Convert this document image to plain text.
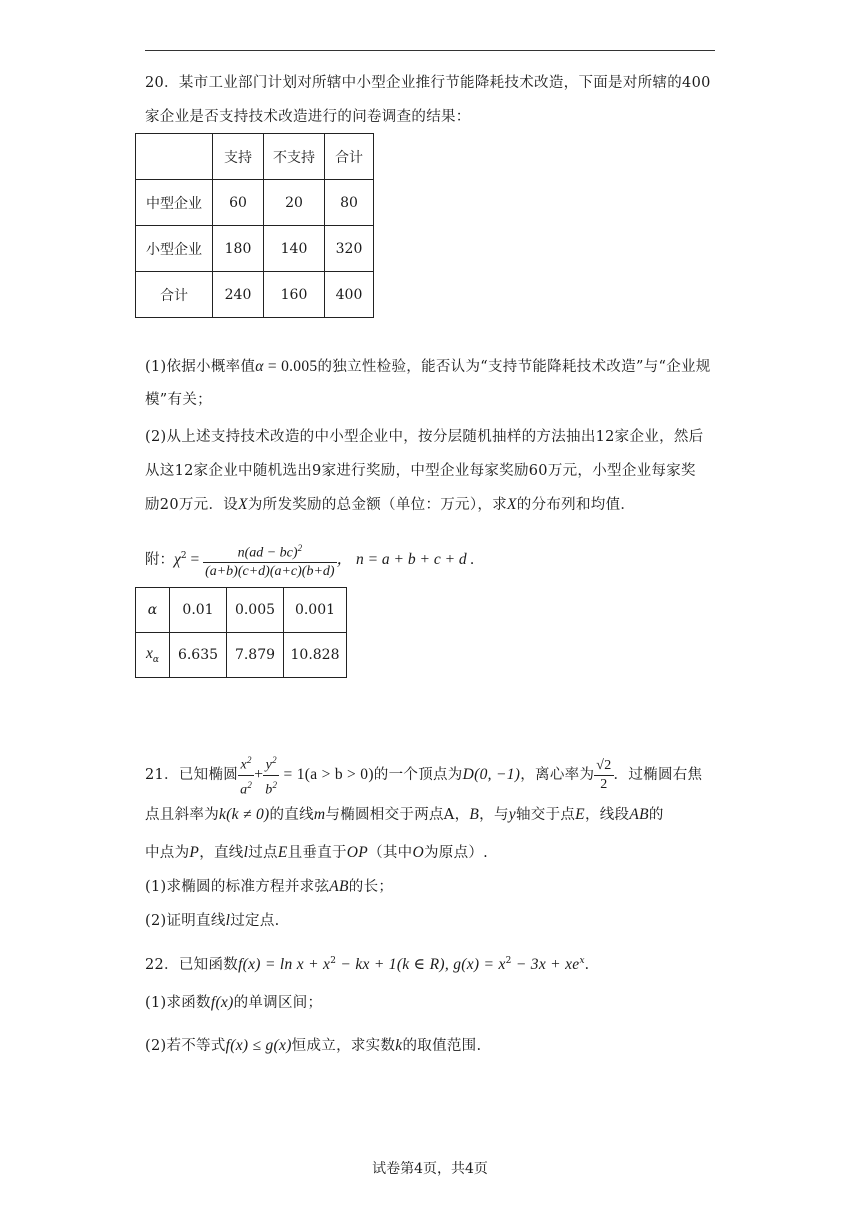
20．某市工业部门计划对所辖中小型企业推行节能降耗技术改造，下面是对所辖的400
家企业是否支持技术改造进行的问卷调查的结果：
	支持	不支持	合计
中型企业	60	20	80
小型企业	180	140	320
合计	240	160	400
(1)依据小概率值α = 0.005的独立性检验，能否认为“支持节能降耗技术改造”与“企业规
模”有关；
(2)从上述支持技术改造的中小型企业中，按分层随机抽样的方法抽出12家企业，然后
从这12家企业中随机选出9家进行奖励，中型企业每家奖励60万元，小型企业每家奖
励20万元．设X为所发奖励的总金额（单位：万元），求X的分布列和均值．
附：$\chi^2 = \frac{n(ad - bc)^2}{(a+b)(c+d)(a+c)(b+d)}$ ， n = a + b + c + d .
α	0.01	0.005	0.001
$x_\alpha$	6.635	7.879	10.828
21．已知椭圆 $\frac{x^2}{a^2} + \frac{y^2}{b^2} = 1(a > b > 0)$的一个顶点为D(0, −1)，离心率为 $\frac{√2}{2}$ ．过椭圆右焦
点且斜率为k(k ≠ 0)的直线m与椭圆相交于两点A，B，与y轴交于点E，线段AB的
中点为P，直线l过点E且垂直于OP（其中O为原点）.
(1)求椭圆的标准方程并求弦AB的长；
(2)证明直线l过定点.
22．已知函数$f(x) = \ln x + x^2$ − kx + 1(k ∈ R), $g(x) = x^2 - 3x + xe^x$.
(1)求函数f(x)的单调区间；
(2)若不等式f(x) ≤ g(x)恒成立，求实数k的取值范围.
试卷第4页，共4页
